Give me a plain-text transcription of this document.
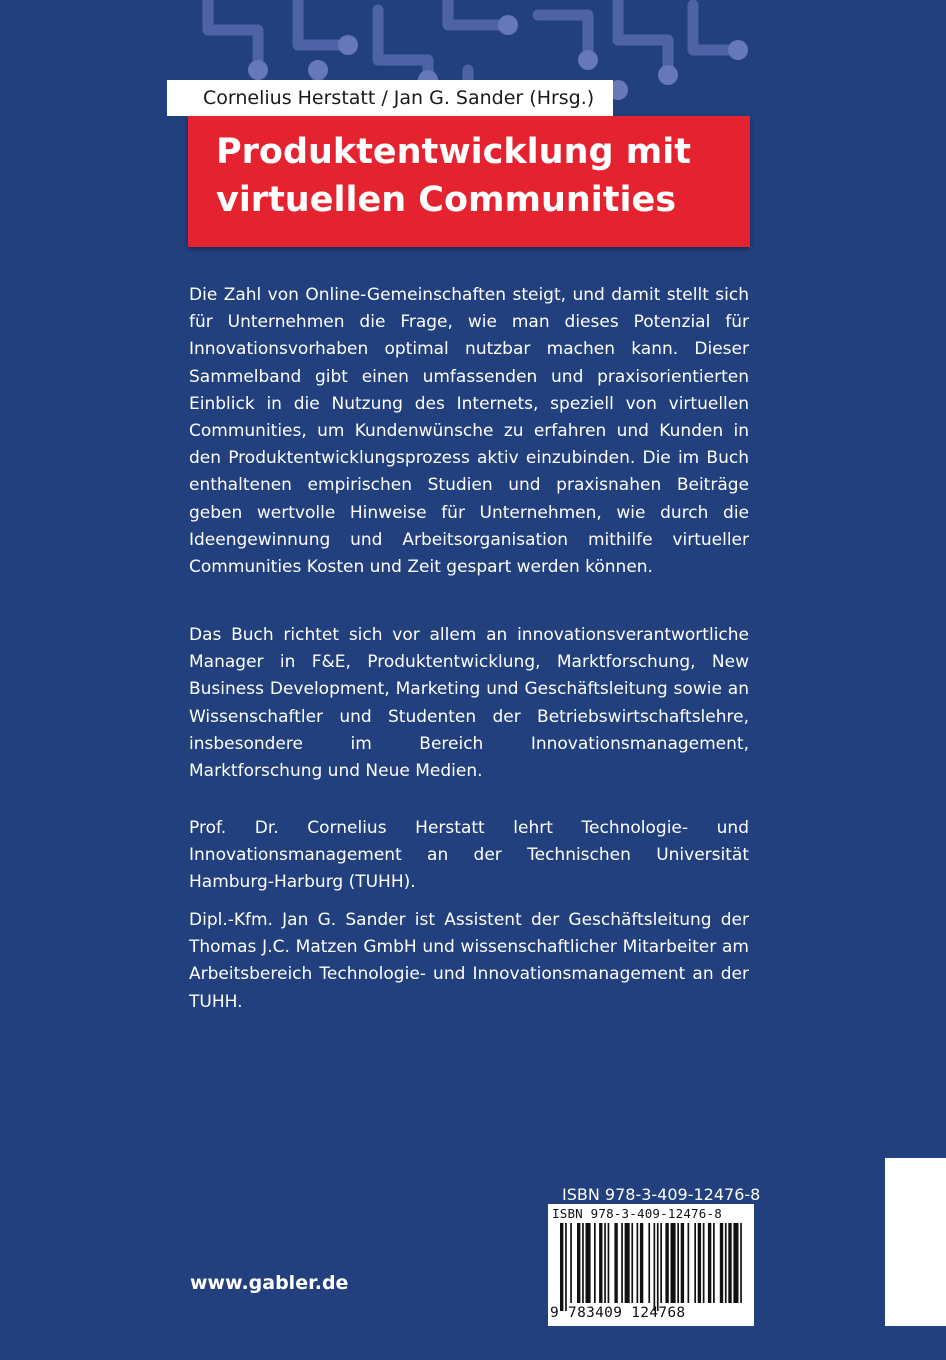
Cornelius Herstatt / Jan G. Sander (Hrsg.)
Produktentwicklung mit
virtuellen Communities

Die Zahl von Online-Gemeinschaften steigt, und damit stellt sich für Unternehmen die Frage, wie man dieses Potenzial für Innovationsvorhaben optimal nutzbar machen kann. Dieser Sammelband gibt einen umfassenden und praxisorientierten Einblick in die Nutzung des Internets, speziell von virtuellen Communities, um Kundenwünsche zu erfahren und Kunden in den Produktentwicklungsprozess aktiv einzubinden. Die im Buch enthaltenen empirischen Studien und praxisnahen Beiträge geben wertvolle Hinweise für Unternehmen, wie durch die Ideengewinnung und Arbeitsorganisation mithilfe virtueller Communities Kosten und Zeit gespart werden können.

Das Buch richtet sich vor allem an innovationsverantwortliche Manager in F&E, Produktentwicklung, Marktforschung, New Business Development, Marketing und Geschäftsleitung sowie an Wissenschaftler und Studenten der Betriebswirtschaftslehre, insbesondere im Bereich Innovationsmanagement, Marktforschung und Neue Medien.

Prof. Dr. Cornelius Herstatt lehrt Technologie- und Innovationsmanagement an der Technischen Universität Hamburg-Harburg (TUHH).

Dipl.-Kfm. Jan G. Sander ist Assistent der Geschäftsleitung der Thomas J.C. Matzen GmbH und wissenschaftlicher Mitarbeiter am Arbeitsbereich Technologie- und Innovationsmanagement an der TUHH.

www.gabler.de
ISBN 978-3-409-12476-8
ISBN 978-3-409-12476-8
9 783409 124768
